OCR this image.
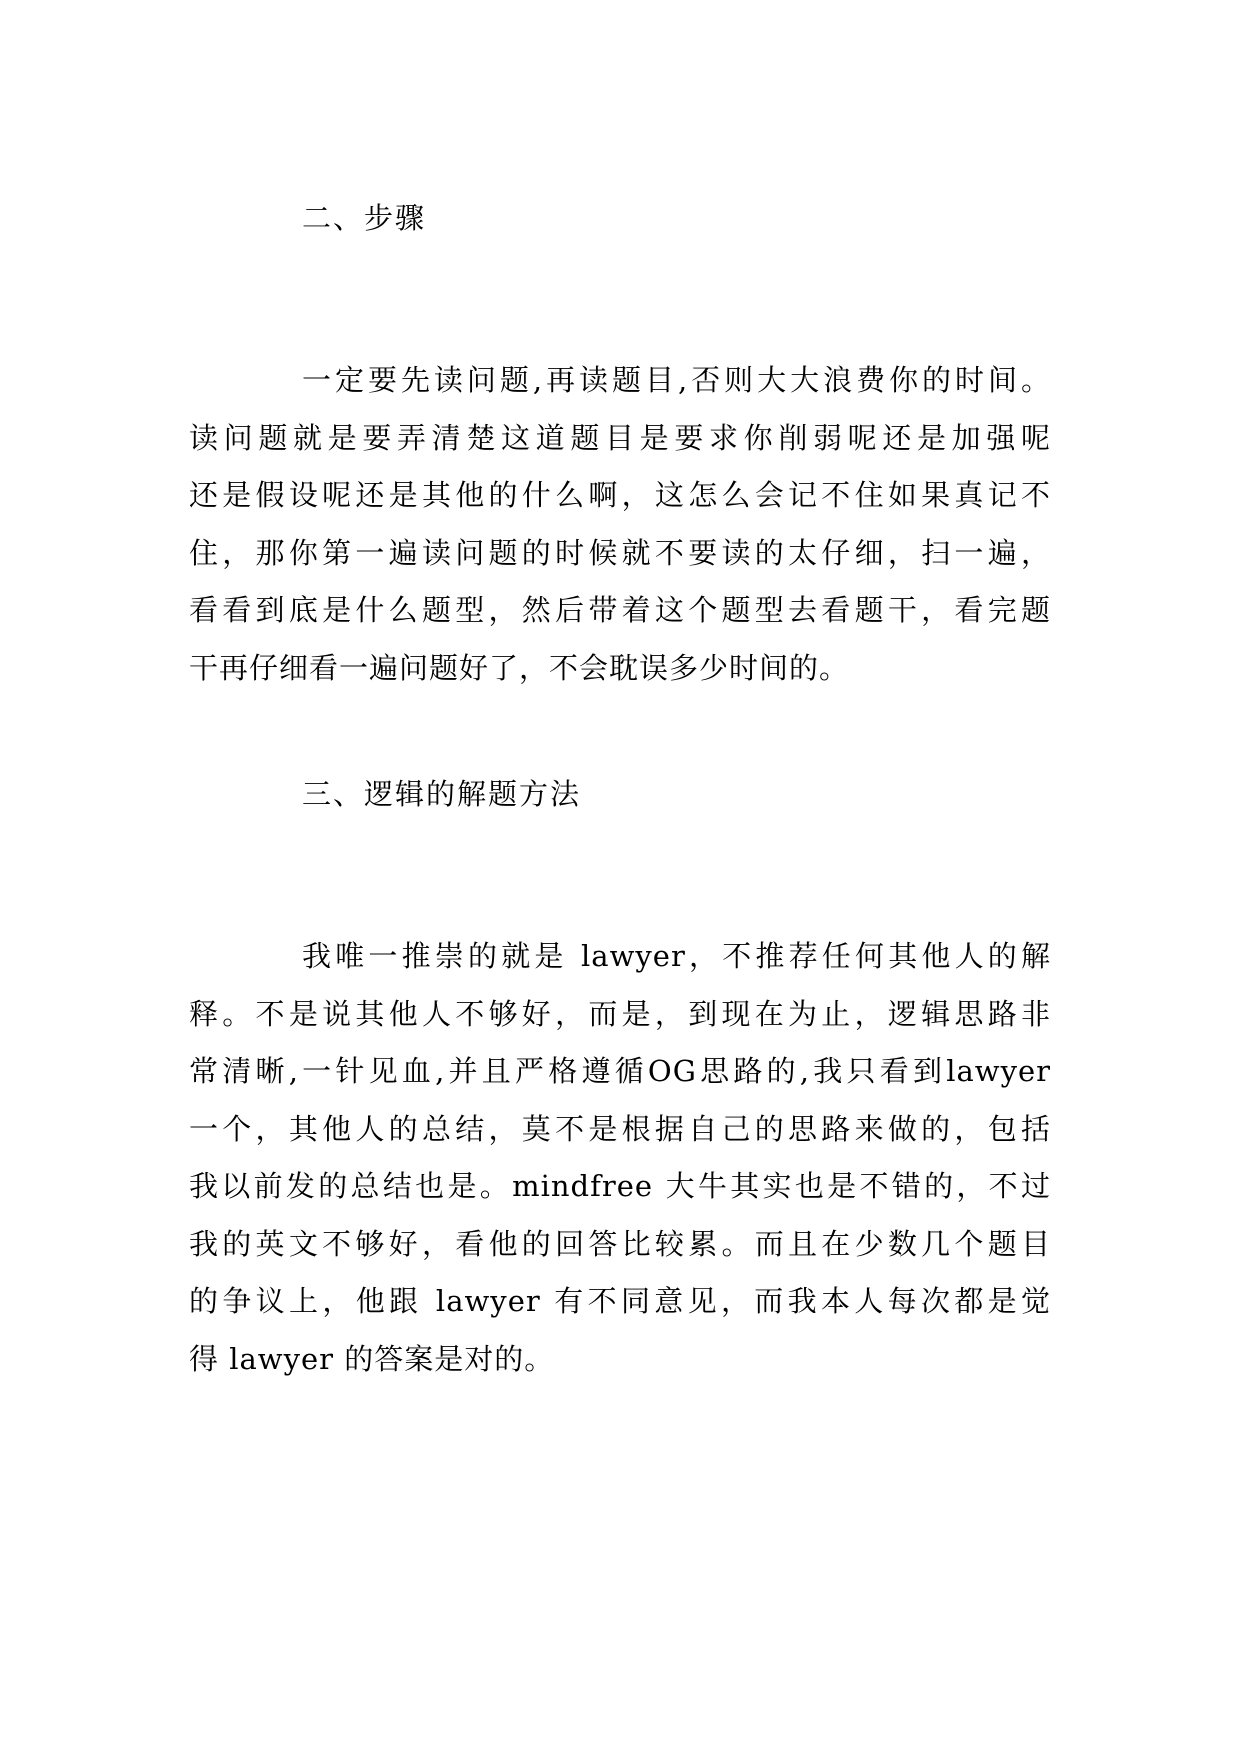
二、步骤
一定要先读问题,再读题目,否则大大浪费你的时间。
读问题就是要弄清楚这道题目是要求你削弱呢还是加强呢
还是假设呢还是其他的什么啊，这怎么会记不住如果真记不
住，那你第一遍读问题的时候就不要读的太仔细，扫一遍，
看看到底是什么题型，然后带着这个题型去看题干，看完题
干再仔细看一遍问题好了，不会耽误多少时间的。
三、逻辑的解题方法
我唯一推崇的就是 lawyer，不推荐任何其他人的解
释。不是说其他人不够好，而是，到现在为止，逻辑思路非
常清晰,一针见血,并且严格遵循OG思路的,我只看到lawyer
一个，其他人的总结，莫不是根据自己的思路来做的，包括
我以前发的总结也是。mindfree 大牛其实也是不错的，不过
我的英文不够好，看他的回答比较累。而且在少数几个题目
的争议上，他跟 lawyer 有不同意见，而我本人每次都是觉
得 lawyer 的答案是对的。
